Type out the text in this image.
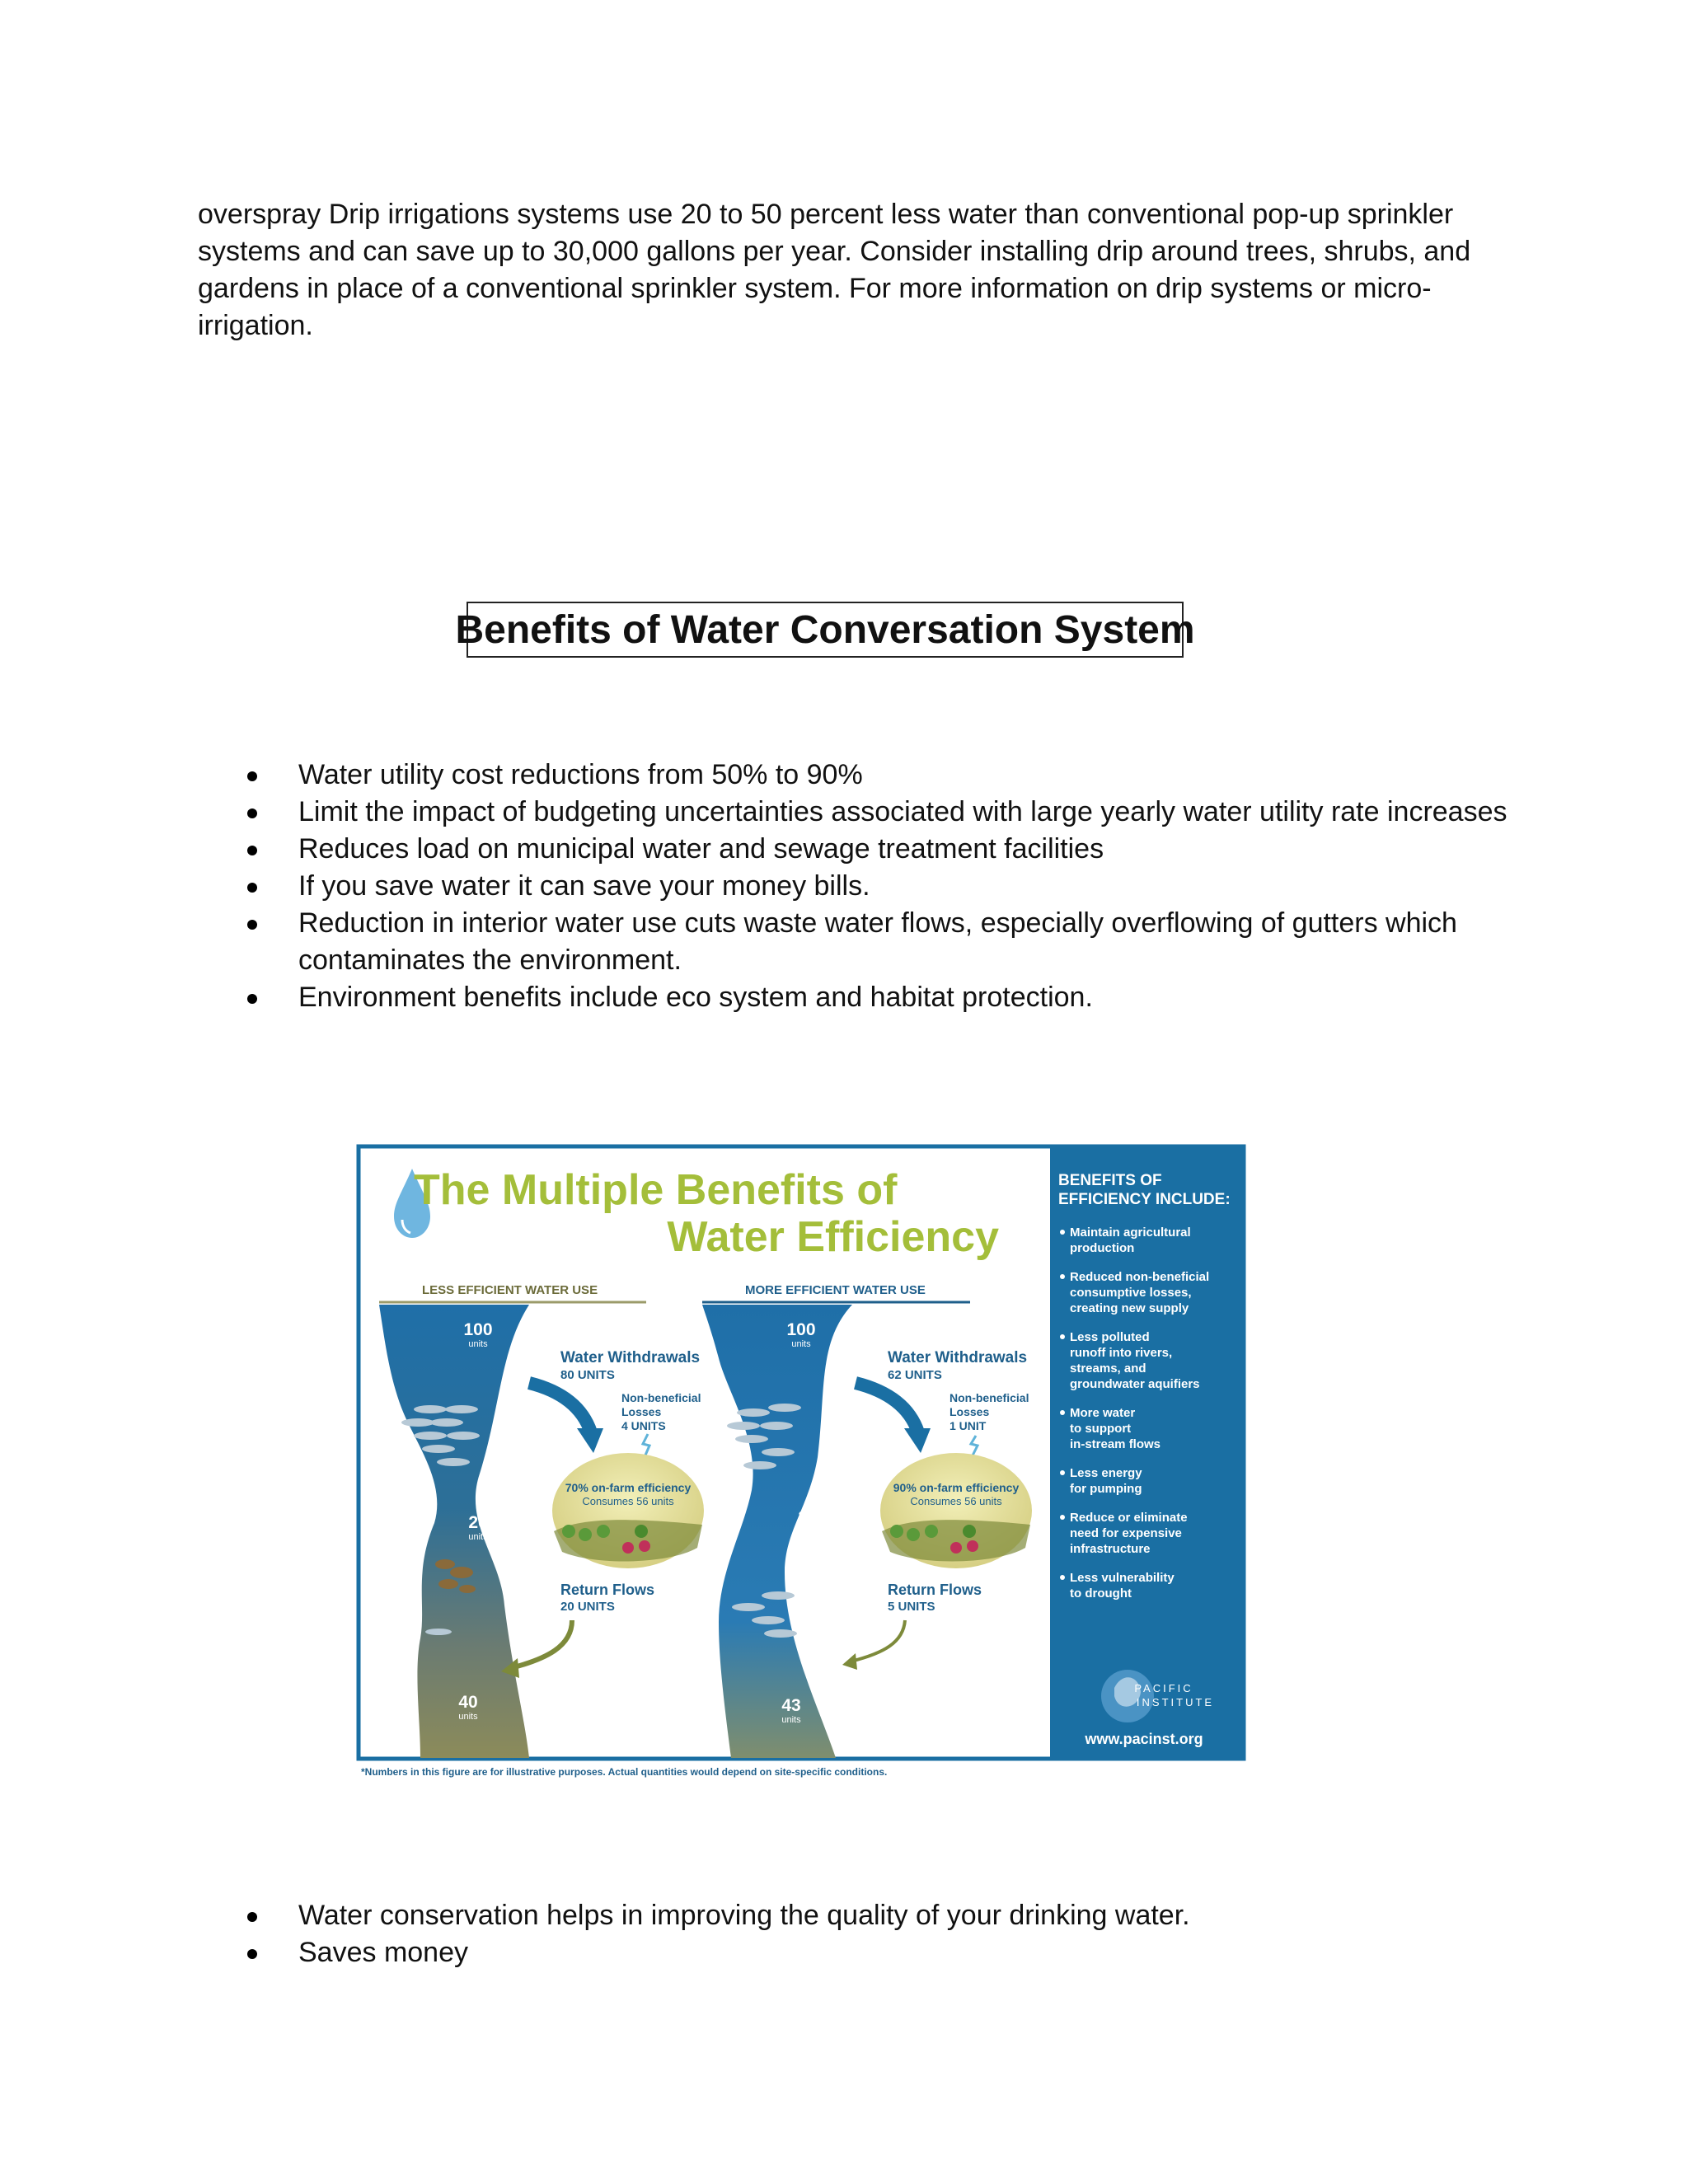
overspray Drip irrigations systems use 20 to 50 percent less water than conventional pop-up sprinkler systems and can save up to 30,000 gallons per year. Consider installing drip around trees, shrubs, and gardens in place of a conventional sprinkler system. For more information on drip systems or micro-irrigation.

Benefits of Water Conversation System
Water utility cost reductions from 50% to 90%
Limit the impact of budgeting uncertainties associated with large yearly water utility rate increases
Reduces load on municipal water and sewage treatment facilities
If you save water it can save your money bills.
Reduction in interior water use cuts waste water flows, especially overflowing of gutters which contaminates the environment.
Environment benefits include eco system and habitat protection.
The Multiple Benefits of
Water Efficiency
LESS EFFICIENT WATER USE	MORE EFFICIENT WATER USE
100
units
20
units
40
units
100
units
38
units
43
units
Water Withdrawals
80 UNITS
Non-beneficial
Losses
4 UNITS
70% on-farm efficiency
Consumes 56 units
Return Flows
20 UNITS
Water Withdrawals
62 UNITS
Non-beneficial
Losses
1 UNIT
90% on-farm efficiency
Consumes 56 units
Return Flows
5 UNITS
BENEFITS OF
EFFICIENCY INCLUDE:
Maintain agricultural
production
Reduced non-beneficial
consumptive losses,
creating new supply
Less polluted
runoff into rivers,
streams, and
groundwater aquifiers
More water
to support
in-stream flows
Less energy
for pumping
Reduce or eliminate
need for expensive
infrastructure
Less vulnerability
to drought
PACIFIC
INSTITUTE
www.pacinst.org
*Numbers in this figure are for illustrative purposes. Actual quantities would depend on site-specific conditions.
Water conservation helps in improving the quality of your drinking water.
Saves money
